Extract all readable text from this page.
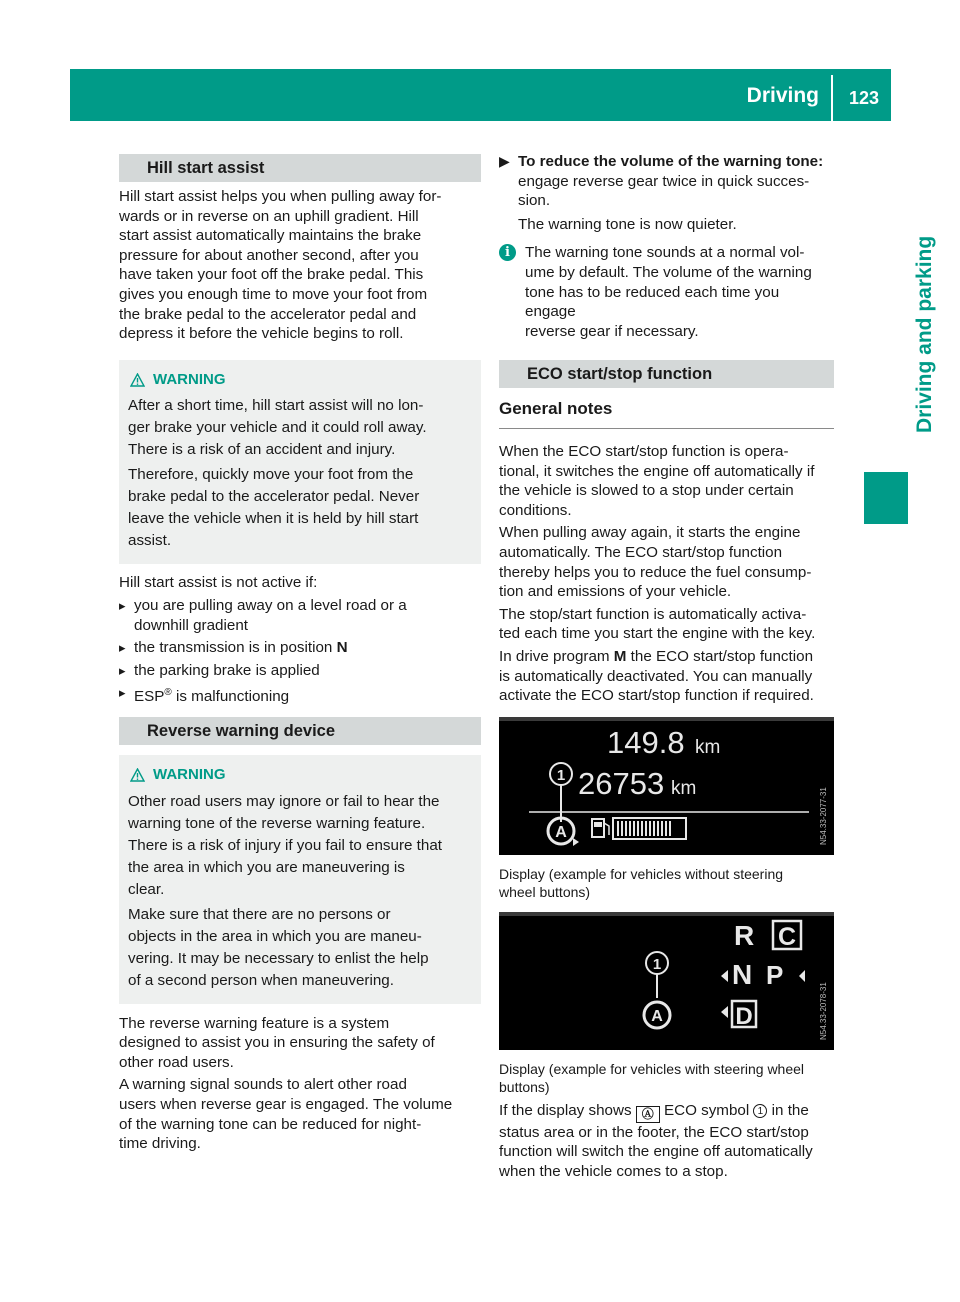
Driving	123
Driving and parking
Hill start assist
Hill start assist helps you when pulling away for-
wards or in reverse on an uphill gradient. Hill
start assist automatically maintains the brake
pressure for about another second, after you
have taken your foot off the brake pedal. This
gives you enough time to move your foot from
the brake pedal to the accelerator pedal and
depress it before the vehicle begins to roll.
WARNING
After a short time, hill start assist will no lon-
ger brake your vehicle and it could roll away.
There is a risk of an accident and injury.
Therefore, quickly move your foot from the
brake pedal to the accelerator pedal. Never
leave the vehicle when it is held by hill start
assist.
Hill start assist is not active if:
▸ you are pulling away on a level road or a
downhill gradient
▸ the transmission is in position N
▸ the parking brake is applied
▸ ESP® is malfunctioning
Reverse warning device
WARNING
Other road users may ignore or fail to hear the
warning tone of the reverse warning feature.
There is a risk of injury if you fail to ensure that
the area in which you are maneuvering is
clear.
Make sure that there are no persons or
objects in the area in which you are maneu-
vering. It may be necessary to enlist the help
of a second person when maneuvering.
The reverse warning feature is a system
designed to assist you in ensuring the safety of
other road users.
A warning signal sounds to alert other road
users when reverse gear is engaged. The volume
of the warning tone can be reduced for night-
time driving.
▶ To reduce the volume of the warning tone:
engage reverse gear twice in quick succes-
sion.
The warning tone is now quieter.
i The warning tone sounds at a normal vol-
ume by default. The volume of the warning
tone has to be reduced each time you engage
reverse gear if necessary.
ECO start/stop function
General notes
When the ECO start/stop function is opera-
tional, it switches the engine off automatically if
the vehicle is slowed to a stop under certain
conditions.
When pulling away again, it starts the engine
automatically. The ECO start/stop function
thereby helps you to reduce the fuel consump-
tion and emissions of your vehicle.
The stop/start function is automatically activa-
ted each time you start the engine with the key.
In drive program M the ECO start/stop function
is automatically deactivated. You can manually
activate the ECO start/stop function if required.
149.8 km
1 26753 km
A	N54.33-2077-31
Display (example for vehicles without steering
wheel buttons)
R C
1	N P
A	D	N54.33-2078-31
Display (example for vehicles with steering wheel
buttons)
If the display shows Ⓐ ECO symbol 1 in the
status area or in the footer, the ECO start/stop
function will switch the engine off automatically
when the vehicle comes to a stop.
